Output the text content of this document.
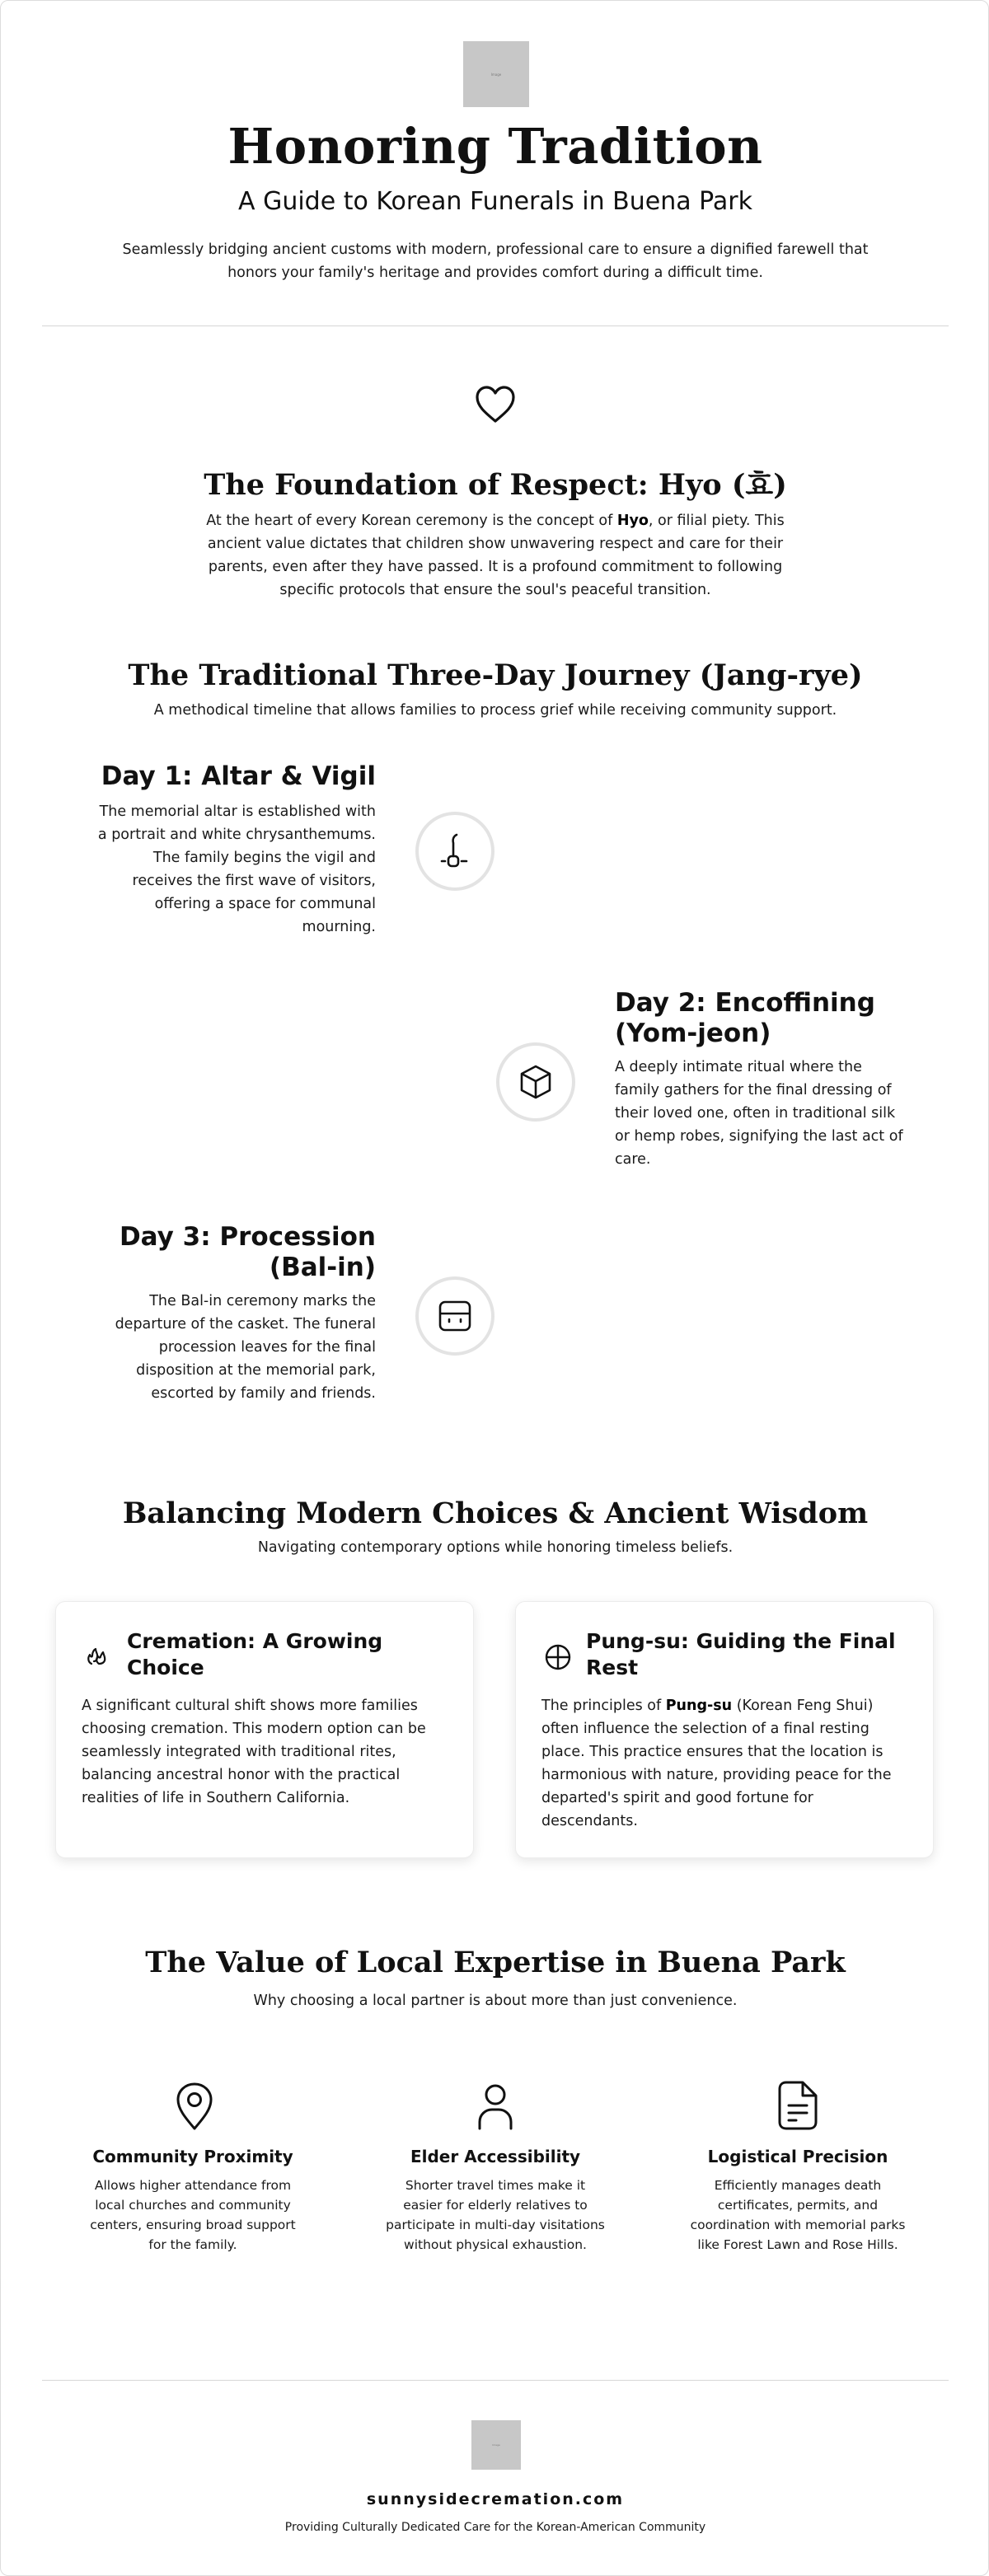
Image
Honoring Tradition
A Guide to Korean Funerals in Buena Park

Seamlessly bridging ancient customs with modern, professional care to ensure a dignified farewell that honors your family's heritage and provides comfort during a difficult time.

The Foundation of Respect: Hyo (효)

At the heart of every Korean ceremony is the concept of Hyo, or filial piety. This ancient value dictates that children show unwavering respect and care for their parents, even after they have passed. It is a profound commitment to following specific protocols that ensure the soul's peaceful transition.

The Traditional Three-Day Journey (Jang-rye)

A methodical timeline that allows families to process grief while receiving community support.

Day 1: Altar & Vigil

The memorial altar is established with a portrait and white chrysanthemums. The family begins the vigil and receives the first wave of visitors, offering a space for communal mourning.

Day 2: Encoffining (Yom-jeon)

A deeply intimate ritual where the family gathers for the final dressing of their loved one, often in traditional silk or hemp robes, signifying the last act of care.

Day 3: Procession (Bal-in)

The Bal-in ceremony marks the departure of the casket. The funeral procession leaves for the final disposition at the memorial park, escorted by family and friends.

Balancing Modern Choices & Ancient Wisdom

Navigating contemporary options while honoring timeless beliefs.

Cremation: A Growing Choice

A significant cultural shift shows more families choosing cremation. This modern option can be seamlessly integrated with traditional rites, balancing ancestral honor with the practical realities of life in Southern California.

Pung-su: Guiding the Final Rest

The principles of Pung-su (Korean Feng Shui) often influence the selection of a final resting place. This practice ensures that the location is harmonious with nature, providing peace for the departed's spirit and good fortune for descendants.

The Value of Local Expertise in Buena Park

Why choosing a local partner is about more than just convenience.

Community Proximity

Allows higher attendance from local churches and community centers, ensuring broad support for the family.

Elder Accessibility

Shorter travel times make it easier for elderly relatives to participate in multi-day visitations without physical exhaustion.

Logistical Precision

Efficiently manages death certificates, permits, and coordination with memorial parks like Forest Lawn and Rose Hills.

Image
sunnysidecremation.com
Providing Culturally Dedicated Care for the Korean-American Community
